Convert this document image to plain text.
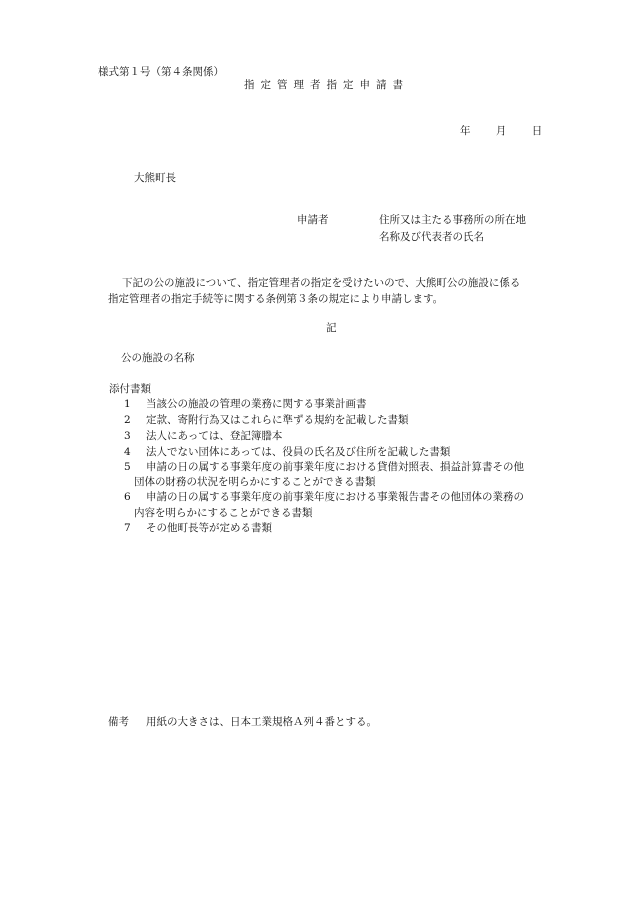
様式第１号（第４条関係）
指定管理者指定申請書
年 月 日
大熊町長
申請者	住所又は主たる事務所の所在地
名称及び代表者の氏名
下記の公の施設について、指定管理者の指定を受けたいので、大熊町公の施設に係る
指定管理者の指定手続等に関する条例第３条の規定により申請します。
記
公の施設の名称
添付書類
1 当該公の施設の管理の業務に関する事業計画書
2 定款、寄附行為又はこれらに準ずる規約を記載した書類
3 法人にあっては、登記簿謄本
4 法人でない団体にあっては、役員の氏名及び住所を記載した書類
5 申請の日の属する事業年度の前事業年度における貸借対照表、損益計算書その他
団体の財務の状況を明らかにすることができる書類
6 申請の日の属する事業年度の前事業年度における事業報告書その他団体の業務の
内容を明らかにすることができる書類
7 その他町長等が定める書類
備考 用紙の大きさは、日本工業規格Ａ列４番とする。
